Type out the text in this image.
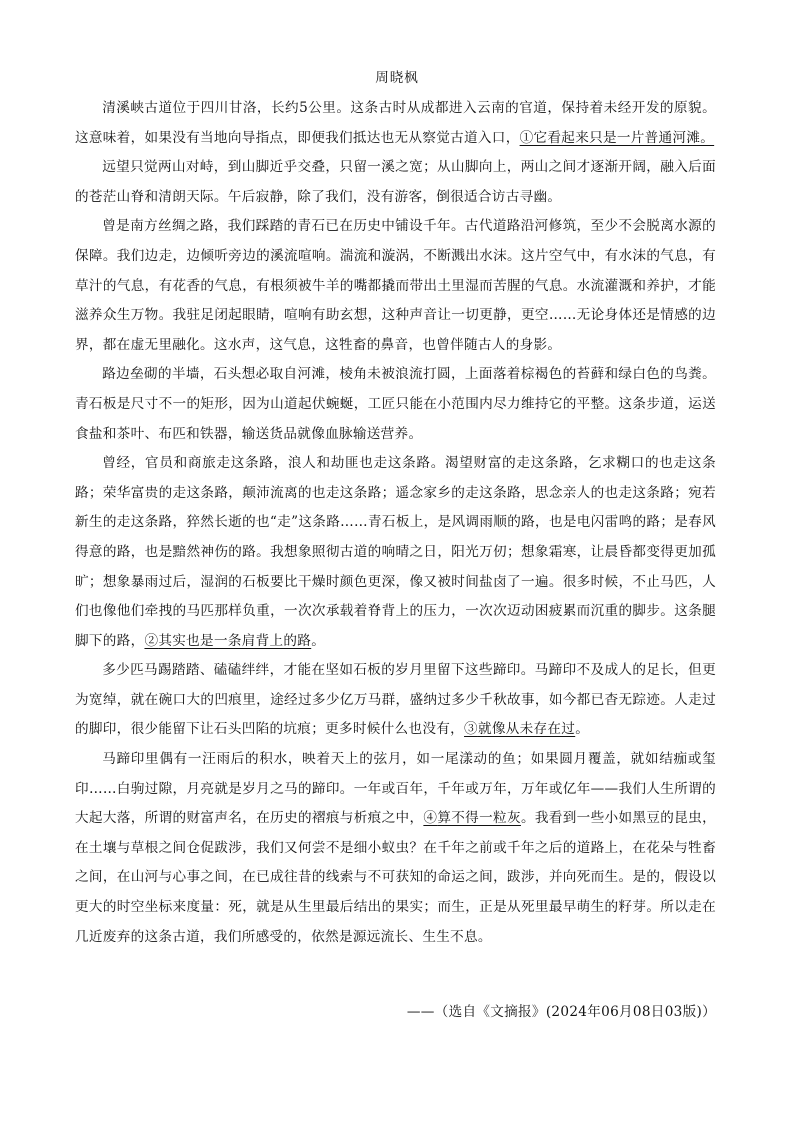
周晓枫

清溪峡古道位于四川甘洛，长约5公里。这条古时从成都进入云南的官道，保持着未经开发的原貌。这意味着，如果没有当地向导指点，即便我们抵达也无从察觉古道入口，①它看起来只是一片普通河滩。

远望只觉两山对峙，到山脚近乎交叠，只留一溪之宽；从山脚向上，两山之间才逐渐开阔，融入后面的苍茫山脊和清朗天际。午后寂静，除了我们，没有游客，倒很适合访古寻幽。

曾是南方丝绸之路，我们踩踏的青石已在历史中铺设千年。古代道路沿河修筑，至少不会脱离水源的保障。我们边走，边倾听旁边的溪流喧响。湍流和漩涡，不断溅出水沫。这片空气中，有水沫的气息，有草汁的气息，有花香的气息，有根须被牛羊的嘴都撬而带出土里湿而苦腥的气息。水流灌溉和养护，才能滋养众生万物。我驻足闭起眼睛，喧响有助玄想，这种声音让一切更静，更空……无论身体还是情感的边界，都在虚无里融化。这水声，这气息，这牲畜的鼻音，也曾伴随古人的身影。

路边垒砌的半墙，石头想必取自河滩，棱角未被浪流打圆，上面落着棕褐色的苔藓和绿白色的鸟粪。青石板是尺寸不一的矩形，因为山道起伏蜿蜒，工匠只能在小范围内尽力维持它的平整。这条步道，运送食盐和茶叶、布匹和铁器，输送货品就像血脉输送营养。

曾经，官员和商旅走这条路，浪人和劫匪也走这条路。渴望财富的走这条路，乞求糊口的也走这条路；荣华富贵的走这条路，颠沛流离的也走这条路；遥念家乡的走这条路，思念亲人的也走这条路；宛若新生的走这条路，猝然长逝的也“走”这条路……青石板上，是风调雨顺的路，也是电闪雷鸣的路；是春风得意的路，也是黯然神伤的路。我想象照彻古道的响晴之日，阳光万仞；想象霜寒，让晨昏都变得更加孤旷；想象暴雨过后，湿润的石板要比干燥时颜色更深，像又被时间盐卤了一遍。很多时候，不止马匹，人们也像他们牵拽的马匹那样负重，一次次承载着脊背上的压力，一次次迈动困疲累而沉重的脚步。这条腿脚下的路，②其实也是一条肩背上的路。

多少匹马踢踏踏、磕磕绊绊，才能在坚如石板的岁月里留下这些蹄印。马蹄印不及成人的足长，但更为宽绰，就在碗口大的凹痕里，途经过多少亿万马群，盛纳过多少千秋故事，如今都已杳无踪迹。人走过的脚印，很少能留下让石头凹陷的坑痕；更多时候什么也没有，③就像从未存在过。

马蹄印里偶有一汪雨后的积水，映着天上的弦月，如一尾漾动的鱼；如果圆月覆盖，就如结痂或玺印……白驹过隙，月亮就是岁月之马的蹄印。一年或百年，千年或万年，万年或亿年——我们人生所谓的大起大落，所谓的财富声名，在历史的褶痕与析痕之中，④算不得一粒灰。我看到一些小如黑豆的昆虫，在土壤与草根之间仓促跋涉，我们又何尝不是细小蚁虫？在千年之前或千年之后的道路上，在花朵与牲畜之间，在山河与心事之间，在已成往昔的线索与不可获知的命运之间，跋涉，并向死而生。是的，假设以更大的时空坐标来度量：死，就是从生里最后结出的果实；而生，正是从死里最早萌生的籽芽。所以走在几近废弃的这条古道，我们所感受的，依然是源远流长、生生不息。

——（选自《文摘报》(2024年06月08日03版)）
